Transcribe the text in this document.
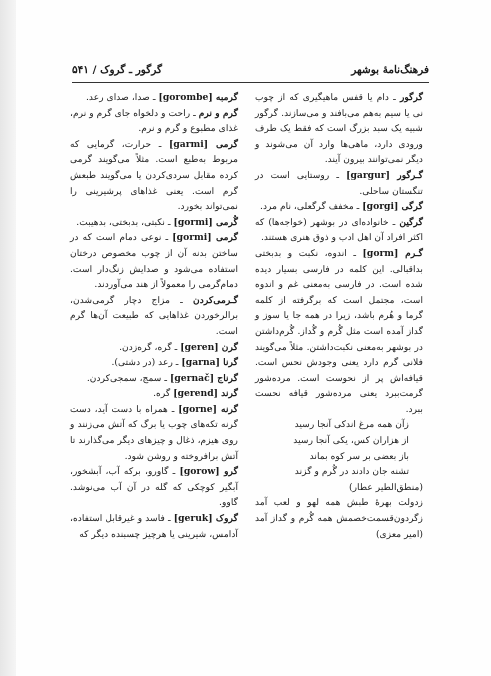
فرهنگ‌نامهٔ بوشهر
گرگور ـ گروک / ۵۴۱

گرگور ـ دام یا قفس ماهیگیری که از چوب نی یا سیم به‌هم می‌بافند و می‌سازند. گرگور شبیه یک سبد بزرگ است که فقط یک طرف ورودی دارد، ماهی‌ها وارد آن می‌شوند و دیگر نمی‌توانند بیرون آیند.

گـرگور [gargur] ـ روستایی است در تنگستان ساحلی.

گرگی [gorgi] ـ مخفف گرگعلی، نام مرد.

گرگین ـ خانواده‌ای در بوشهر (خواجه‌ها) که اکثر افراد آن اهل ادب و ذوق هنری هستند.

گـرم [gorm] ـ اندوه، نکبت و بدبختی بداقبالی. این کلمه در فارسی بسیار دیده شده است. در فارسی به‌معنی غم و اندوه است، مجتمل است که برگرفته از کلمه گرما و هُرم باشد، زیرا در همه جا یا سوز و گداز آمده است مثل گُرم و گُداز. گُرم‌داشتن در بوشهر به‌معنی نکبت‌داشتن. مثلاً می‌گویند فلانی گرم دارد یعنی وجودش نحس است. قیافه‌اش پر از نحوست است. مرده‌شور گرمت‌ببرد یعنی مرده‌شور قیافه نحست ببرد.

زآن همه مرغ اندکی آنجا رسید

از هزاران کس، یکی آنجا رسید

باز بعضی بر سر کوه بماند

تشنه جان دادند در گُرم و گزند

(منطق‌الطیر عطار)

زدولت بهرهٔ طبش همه لهو و لعب آمد زگردون‌قسمت‌خصمش همه گُرم و گداز آمد (امیر معزی)

گرمبه [gorombe] ـ صدا، صدای رعد.

گرم و نرم ـ راحت و دلخواه جای گرم و نرم، غذای مطبوع و گرم و نرم.

گرمی [garmi] ـ حرارت، گرمایی که مربوط به‌طبع است. مثلاً می‌گویند گرمی کرده مقابل سردی‌کردن یا می‌گویند طبعش گرم است. یعنی غذاهای پرشیرینی را نمی‌تواند بخورد.

گُرمی [gormi] ـ نکبتی، بدبختی، بدهیبت.

گرمی [gormi] ـ نوعی دمام است که در ساختن بدنه آن از چوب مخصوص درختان استفاده می‌شود و صدایش زنگ‌دار است. دمام‌گرمی را معمولاً از هند می‌آوردند.

گـرمی‌کردن ـ مزاج دچار گرمی‌شدن، برالرخوردن غذاهایی که طبیعت آن‌ها گرم است.

گرن [geren] ـ گره، گره‌زدن.

گرنا [garna] ـ رعد (در دشتی).

گرناج [gernač] ـ سمج، سمجی‌کردن.

گرند [gerend] گره.

گرنه [gorne] ـ همراه با دست آید، دست گرنه تکه‌های چوب یا برگ که آتش می‌زنند و روی هیزم، ذغال و چیزهای دیگر می‌گذارند تا آتش برافروخته و روشن شود.

گرو [gorow] ـ گاورو، برکه آب، آبشخور، آبگیر کوچکی که گله در آن آب می‌نوشد. گاوو.

گروک [geruk] ـ فاسد و غیرقابل استفاده، آدامس، شیرینی یا هرچیز چسبنده دیگر که
